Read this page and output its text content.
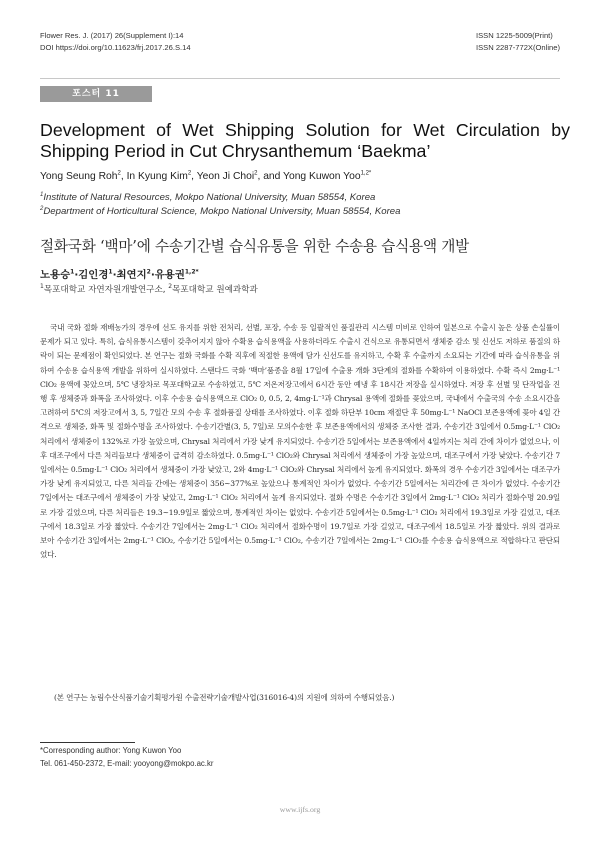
Flower Res. J. (2017) 26(Supplement I):14
DOI https://doi.org/10.11623/frj.2017.26.S.14
ISSN 1225-5009(Print)
ISSN 2287-772X(Online)
포스터 11
Development of Wet Shipping Solution for Wet Circulation by Shipping Period in Cut Chrysanthemum ‘Baekma’
Yong Seung Roh$^2$, In Kyung Kim$^2$, Yeon Ji Choi$^2$, and Yong Kuwon Yoo$^{1,2*}$
$^1$Institute of Natural Resources, Mokpo National University, Muan 58554, Korea
$^2$Department of Horticultural Science, Mokpo National University, Muan 58554, Korea
절화국화 ‘백마’에 수송기간별 습식유통을 위한 수송용 습식용액 개발
노용승$^1$·김인경$^1$·최연지$^2$·유용권$^{1,2*}$
$^1$목포대학교 자연자원개발연구소, $^2$목포대학교 원예과학과

국내 국화 절화 재배농가의 경우에 선도 유지를 위한 전처리, 선별, 포장, 수송 등 일괄적인 품질관리 시스템 미비로 인하여 일본으로 수출시 높은 상품 손실률이 문제가 되고 있다. 특히, 습식유통시스템이 갖추어지지 않아 수확용 습식용액을 사용하더라도 수출시 건식으로 유통되면서 생체중 감소 및 신선도 저하로 품질의 하락이 되는 문제점이 확인되었다. 본 연구는 절화 국화를 수확 직후에 적절한 용액에 담가 신선도를 유지하고, 수확 후 수출까지 소요되는 기간에 따라 습식유통을 위하여 수송용 습식용액 개발을 위하여 실시하였다. 스탠다드 국화 ‘백마’품종을 8월 17일에 수출용 개화 3단계의 절화를 수확하여 이용하였다. 수확 즉시 2mg·L⁻¹ ClO₂ 용액에 꽂았으며, 5℃ 냉장차로 목포대학교로 수송하였고, 5℃ 저온저장고에서 6시간 동안 예냉 후 18시간 저장을 실시하였다. 저장 후 선별 및 단작업을 진행 후 생체중과 화폭을 조사하였다. 이후 수송용 습식용액으로 ClO₂ 0, 0.5, 2, 4mg·L⁻¹과 Chrysal 용액에 절화를 꽂았으며, 국내에서 수출국의 수송 소요시간을 고려하여 5℃의 저장고에서 3, 5, 7일간 모의 수송 후 절화품질 상태를 조사하였다. 이후 절화 하단부 10cm 재절단 후 50mg·L⁻¹ NaOCl 보존용액에 꽂아 4일 간격으로 생체중, 화폭 및 절화수명을 조사하였다. 수송기간별(3, 5, 7일)로 모의수송한 후 보존용액에서의 생체중 조사한 결과, 수송기간 3일에서 0.5mg·L⁻¹ ClO₂ 처리에서 생체중이 132%로 가장 높았으며, Chrysal 처리에서 가장 낮게 유지되었다. 수송기간 5일에서는 보존용액에서 4일까지는 처리 간에 차이가 없었으나, 이후 대조구에서 다른 처리들보다 생체중이 급격히 감소하였다. 0.5mg·L⁻¹ ClO₂와 Chrysal 처리에서 생체중이 가장 높았으며, 대조구에서 가장 낮았다. 수송기간 7일에서는 0.5mg·L⁻¹ ClO₂ 처리에서 생체중이 가장 낮았고, 2와 4mg·L⁻¹ ClO₂와 Chrysal 처리에서 높게 유지되었다. 화폭의 경우 수송기간 3일에서는 대조구가 가장 낮게 유지되었고, 다른 처리들 간에는 생체중이 356~377%로 높았으나 통계적인 차이가 없었다. 수송기간 5일에서는 처리간에 큰 차이가 없었다. 수송기간 7일에서는 대조구에서 생체중이 가장 낮았고, 2mg·L⁻¹ ClO₂ 처리에서 높게 유지되었다. 절화 수명은 수송기간 3일에서 2mg·L⁻¹ ClO₂ 처리가 절화수명 20.9일로 가장 길었으며, 다른 처리들은 19.3~19.9일로 짧았으며, 통계적인 차이는 없었다. 수송기간 5일에서는 0.5mg·L⁻¹ ClO₂ 처리에서 19.3일로 가장 길었고, 대조구에서 18.3일로 가장 짧았다. 수송기간 7일에서는 2mg·L⁻¹ ClO₂ 처리에서 절화수명이 19.7일로 가장 길었고, 대조구에서 18.5일로 가장 짧았다. 위의 결과로 보아 수송기간 3일에서는 2mg·L⁻¹ ClO₂, 수송기간 5일에서는 0.5mg·L⁻¹ ClO₂, 수송기간 7일에서는 2mg·L⁻¹ ClO₂를 수송용 습식용액으로 적합하다고 판단되었다.

(본 연구는 농림수산식품기술기획평가원 수출전략기술개발사업(316016-4)의 지원에 의하여 수행되었음.)
*Corresponding author: Yong Kuwon Yoo
Tel. 061-450-2372, E-mail: yooyong@mokpo.ac.kr
www.ijfs.org
